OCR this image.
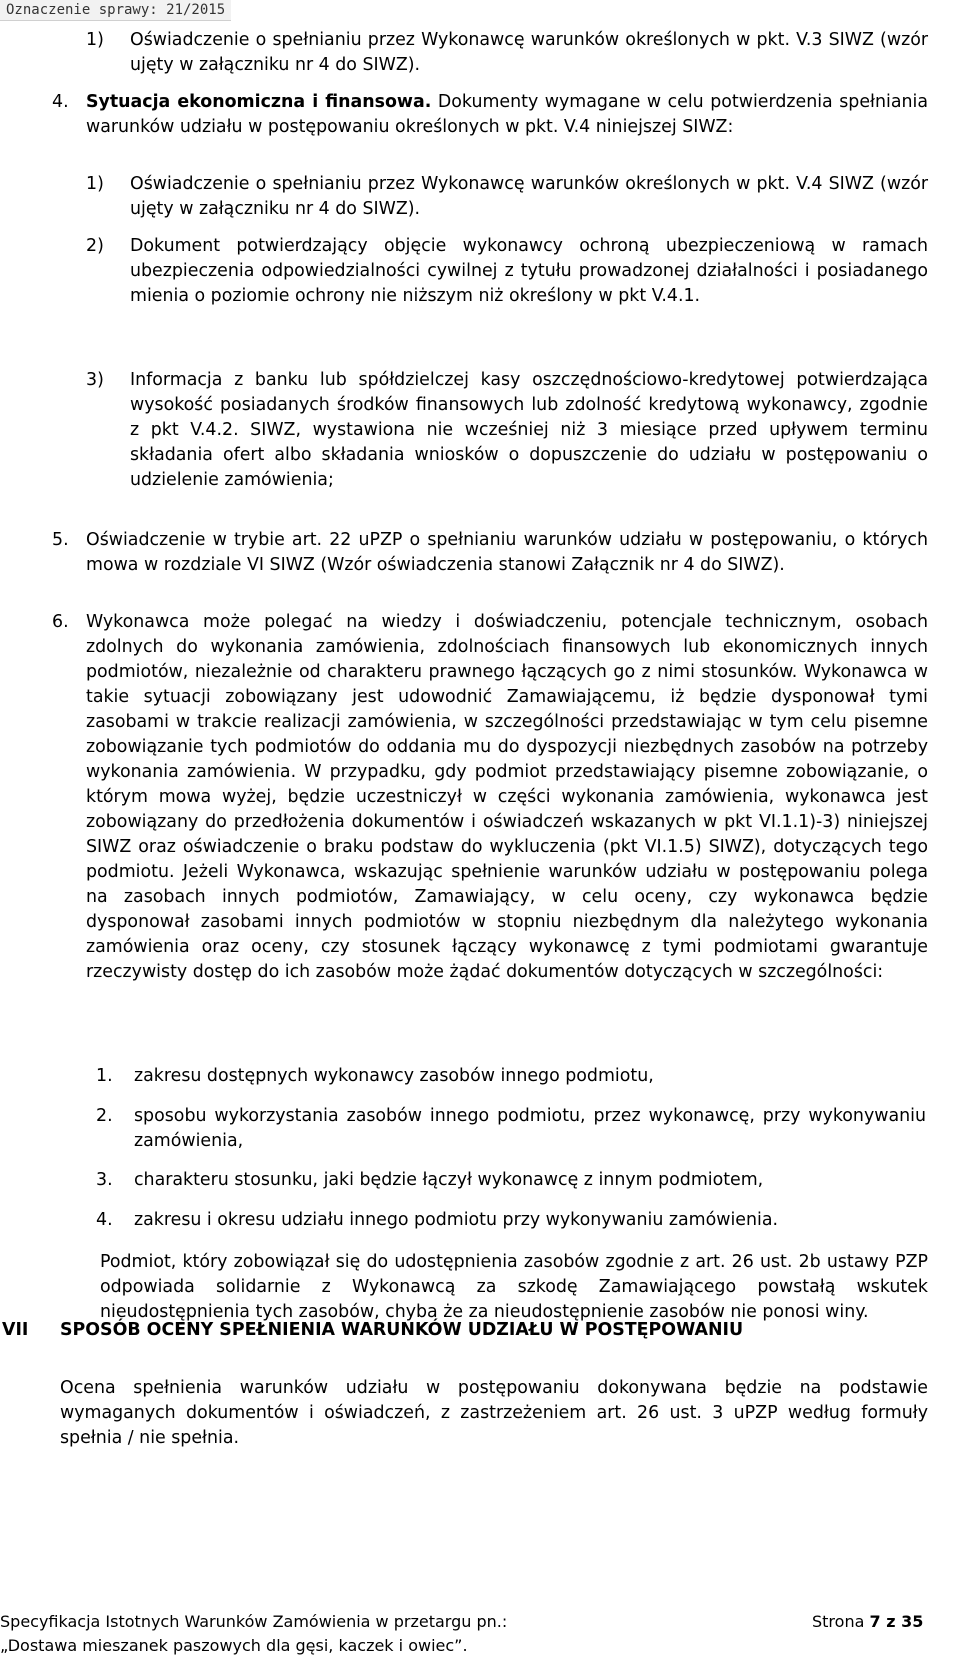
Oznaczenie sprawy: 21/2015
1) Oświadczenie o spełnianiu przez Wykonawcę warunków określonych w pkt. V.3 SIWZ (wzór ujęty w załączniku nr 4 do SIWZ).
4. Sytuacja ekonomiczna i finansowa. Dokumenty wymagane w celu potwierdzenia spełniania warunków udziału w postępowaniu określonych w pkt. V.4 niniejszej SIWZ:
1) Oświadczenie o spełnianiu przez Wykonawcę warunków określonych w pkt. V.4 SIWZ (wzór ujęty w załączniku nr 4 do SIWZ).
2) Dokument potwierdzający objęcie wykonawcy ochroną ubezpieczeniową w ramach ubezpieczenia odpowiedzialności cywilnej z tytułu prowadzonej działalności i posiadanego mienia o poziomie ochrony nie niższym niż określony w pkt V.4.1.
3) Informacja z banku lub spółdzielczej kasy oszczędnościowo-kredytowej potwierdzająca wysokość posiadanych środków finansowych lub zdolność kredytową wykonawcy, zgodnie z pkt V.4.2. SIWZ, wystawiona nie wcześniej niż 3 miesiące przed upływem terminu składania ofert albo składania wniosków o dopuszczenie do udziału w postępowaniu o udzielenie zamówienia;
5. Oświadczenie w trybie art. 22 uPZP o spełnianiu warunków udziału w postępowaniu, o których mowa w rozdziale VI SIWZ (Wzór oświadczenia stanowi Załącznik nr 4 do SIWZ).
6. Wykonawca może polegać na wiedzy i doświadczeniu, potencjale technicznym, osobach zdolnych do wykonania zamówienia, zdolnościach finansowych lub ekonomicznych innych podmiotów, niezależnie od charakteru prawnego łączących go z nimi stosunków. Wykonawca w takie sytuacji zobowiązany jest udowodnić Zamawiającemu, iż będzie dysponował tymi zasobami w trakcie realizacji zamówienia, w szczególności przedstawiając w tym celu pisemne zobowiązanie tych podmiotów do oddania mu do dyspozycji niezbędnych zasobów na potrzeby wykonania zamówienia. W przypadku, gdy podmiot przedstawiający pisemne zobowiązanie, o którym mowa wyżej, będzie uczestniczył w części wykonania zamówienia, wykonawca jest zobowiązany do przedłożenia dokumentów i oświadczeń wskazanych w pkt VI.1.1)-3) niniejszej SIWZ oraz oświadczenie o braku podstaw do wykluczenia (pkt VI.1.5) SIWZ), dotyczących tego podmiotu. Jeżeli Wykonawca, wskazując spełnienie warunków udziału w postępowaniu polega na zasobach innych podmiotów, Zamawiający, w celu oceny, czy wykonawca będzie dysponował zasobami innych podmiotów w stopniu niezbędnym dla należytego wykonania zamówienia oraz oceny, czy stosunek łączący wykonawcę z tymi podmiotami gwarantuje rzeczywisty dostęp do ich zasobów może żądać dokumentów dotyczących w szczególności:
1. zakresu dostępnych wykonawcy zasobów innego podmiotu,
2. sposobu wykorzystania zasobów innego podmiotu, przez wykonawcę, przy wykonywaniu zamówienia,
3. charakteru stosunku, jaki będzie łączył wykonawcę z innym podmiotem,
4. zakresu i okresu udziału innego podmiotu przy wykonywaniu zamówienia.
Podmiot, który zobowiązał się do udostępnienia zasobów zgodnie z art. 26 ust. 2b ustawy PZP odpowiada solidarnie z Wykonawcą za szkodę Zamawiającego powstałą wskutek nieudostępnienia tych zasobów, chyba że za nieudostępnienie zasobów nie ponosi winy.
VII SPOSÓB OCENY SPEŁNIENIA WARUNKÓW UDZIAŁU W POSTĘPOWANIU
Ocena spełnienia warunków udziału w postępowaniu dokonywana będzie na podstawie wymaganych dokumentów i oświadczeń, z zastrzeżeniem art. 26 ust. 3 uPZP według formuły spełnia / nie spełnia.
Specyfikacja Istotnych Warunków Zamówienia w przetargu pn.:
„Dostawa mieszanek paszowych dla gęsi, kaczek i owiec”.
Strona 7 z 35
